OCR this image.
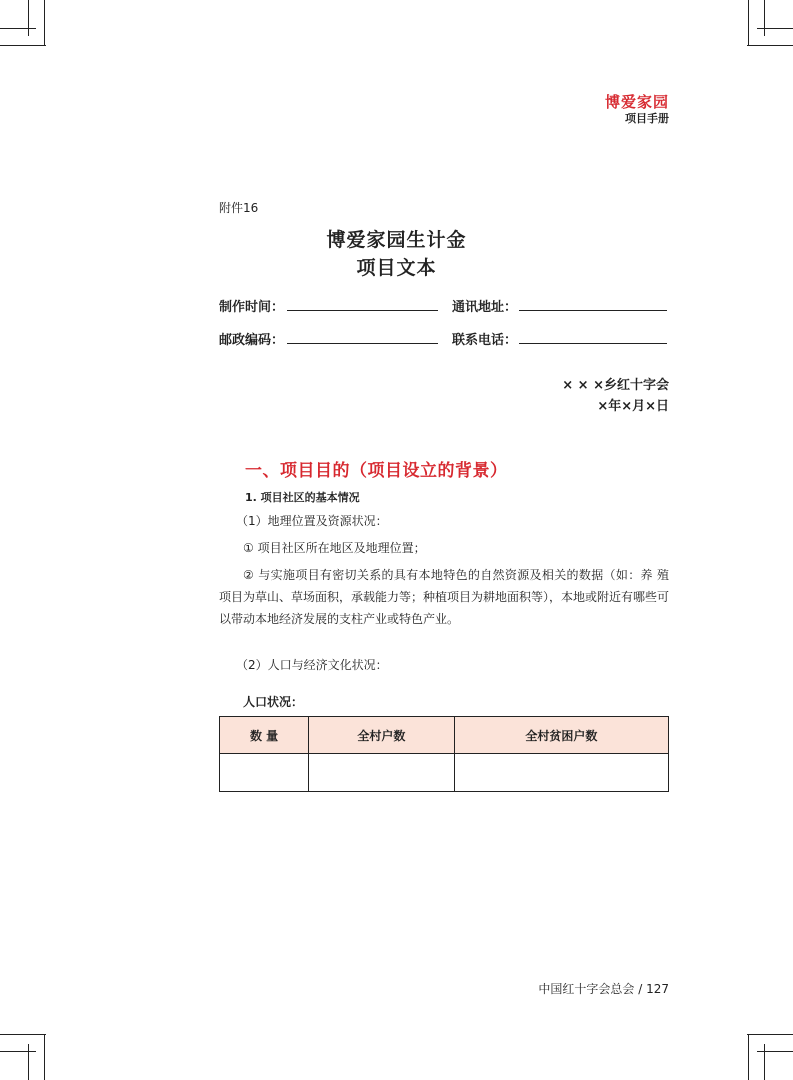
博爱家园
项目手册
附件16
博爱家园生计金
项目文本
制作时间：	通讯地址：
邮政编码：	联系电话：
× × ×乡红十字会
×年×月×日
一、项目目的（项目设立的背景）
1. 项目社区的基本情况
（1）地理位置及资源状况：
① 项目社区所在地区及地理位置；
② 与实施项目有密切关系的具有本地特色的自然资源及相关的数据（如：养 殖项目为草山、草场面积，承载能力等；种植项目为耕地面积等），本地或附近有哪些可以带动本地经济发展的支柱产业或特色产业。
（2）人口与经济文化状况：
人口状况：
数 量	全村户数	全村贫困户数

中国红十字会总会 / 127
